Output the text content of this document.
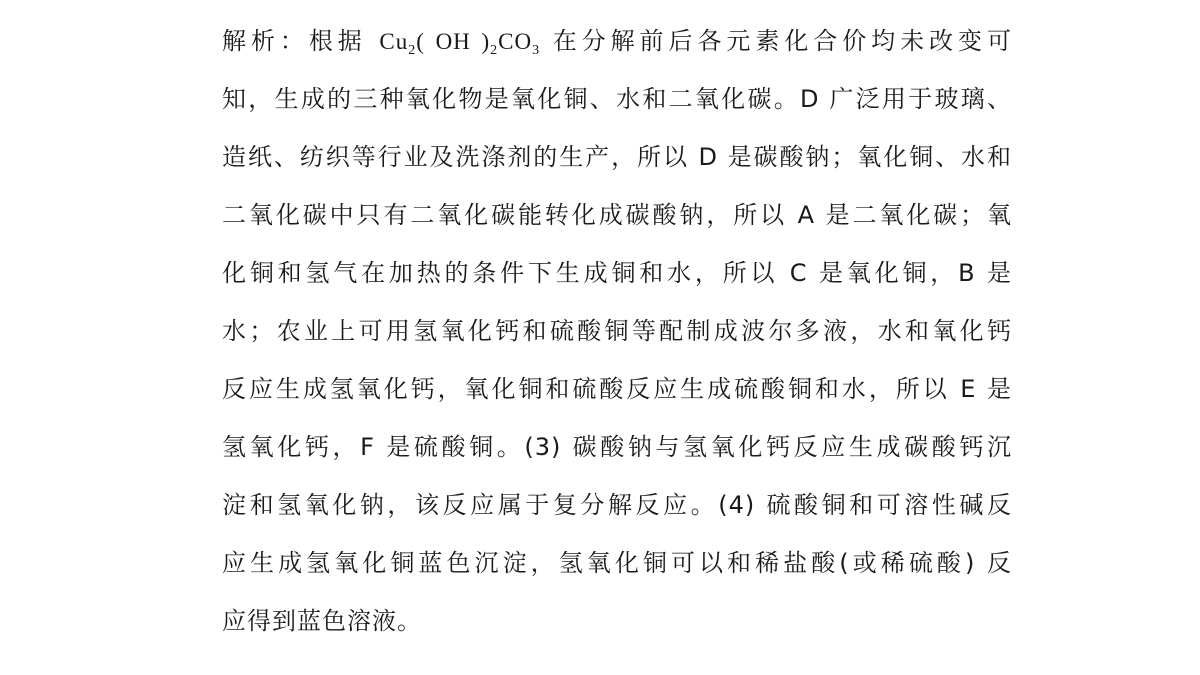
解析：根据 $Cu_2$( OH )$_2CO_3$ 在分解前后各元素化合价均未改变可
知，生成的三种氧化物是氧化铜、水和二氧化碳。D 广泛用于玻璃、
造纸、纺织等行业及洗涤剂的生产，所以 D 是碳酸钠；氧化铜、水和
二氧化碳中只有二氧化碳能转化成碳酸钠，所以 A 是二氧化碳；氧
化铜和氢气在加热的条件下生成铜和水，所以 C 是氧化铜，B 是
水；农业上可用氢氧化钙和硫酸铜等配制成波尔多液，水和氧化钙
反应生成氢氧化钙，氧化铜和硫酸反应生成硫酸铜和水，所以 E 是
氢氧化钙，F 是硫酸铜。(3) 碳酸钠与氢氧化钙反应生成碳酸钙沉
淀和氢氧化钠，该反应属于复分解反应。(4) 硫酸铜和可溶性碱反
应生成氢氧化铜蓝色沉淀，氢氧化铜可以和稀盐酸(或稀硫酸) 反
应得到蓝色溶液。
